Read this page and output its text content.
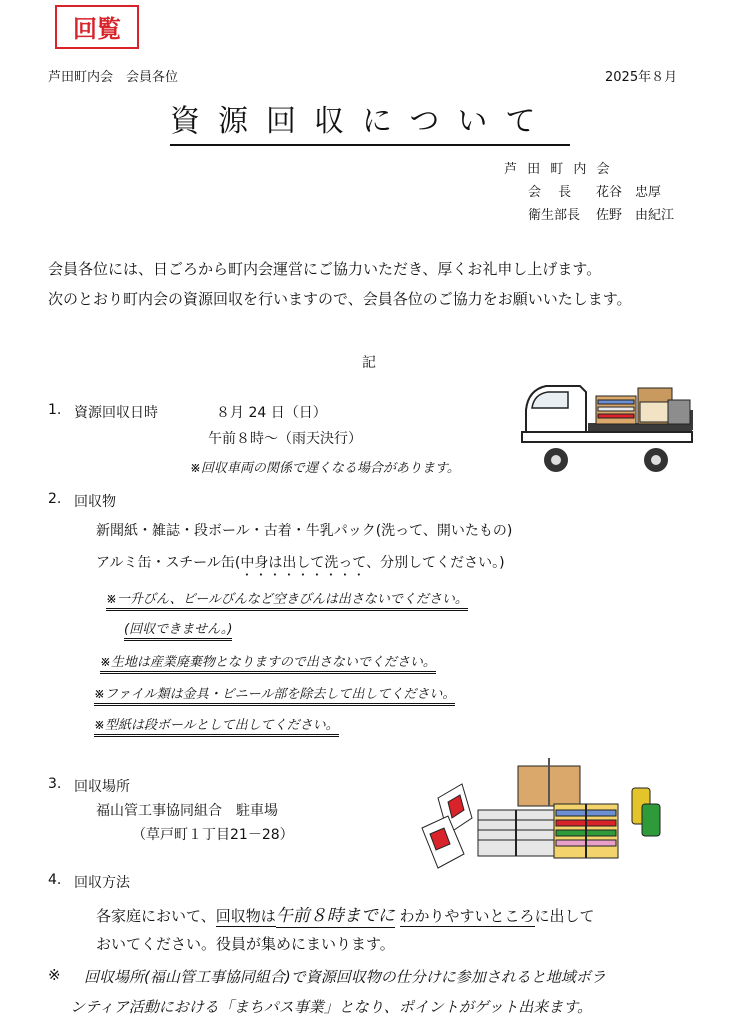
回覧
芦田町内会　会員各位	2025年８月
資源回収について
芦 田 町 内 会
会　 長 花谷　忠厚
衛生部長 佐野　由紀江
会員各位には、日ごろから町内会運営にご協力いただき、厚くお礼申し上げます。
次のとおり町内会の資源回収を行いますので、会員各位のご協力をお願いいたします。
記
1. 資源回収日時	８月 24 日（日）
午前８時～（雨天決行）
※回収車両の関係で遅くなる場合があります。
2. 回収物
新聞紙・雑誌・段ボール・古着・牛乳パック(洗って、開いたもの)
アルミ缶・スチール缶(中身は出して洗って、分別してください。)
※一升びん、ビールびんなど空きびんは出さないでください。
(回収できません。)
※生地は産業廃棄物となりますので出さないでください。
※ファイル類は金具・ビニール部を除去して出してください。
※型紙は段ボールとして出してください。
3. 回収場所
福山管工事協同組合　駐車場
（草戸町１丁目21－28）
4. 回収方法
各家庭において、回収物は午前８時までに わかりやすいところに出して
おいてください。役員が集めにまいります。
※ 回収場所(福山管工事協同組合)で資源回収物の仕分けに参加されると地域ボラ
ンティア活動における「まちパス事業」となり、ポイントがゲット出来ます。
